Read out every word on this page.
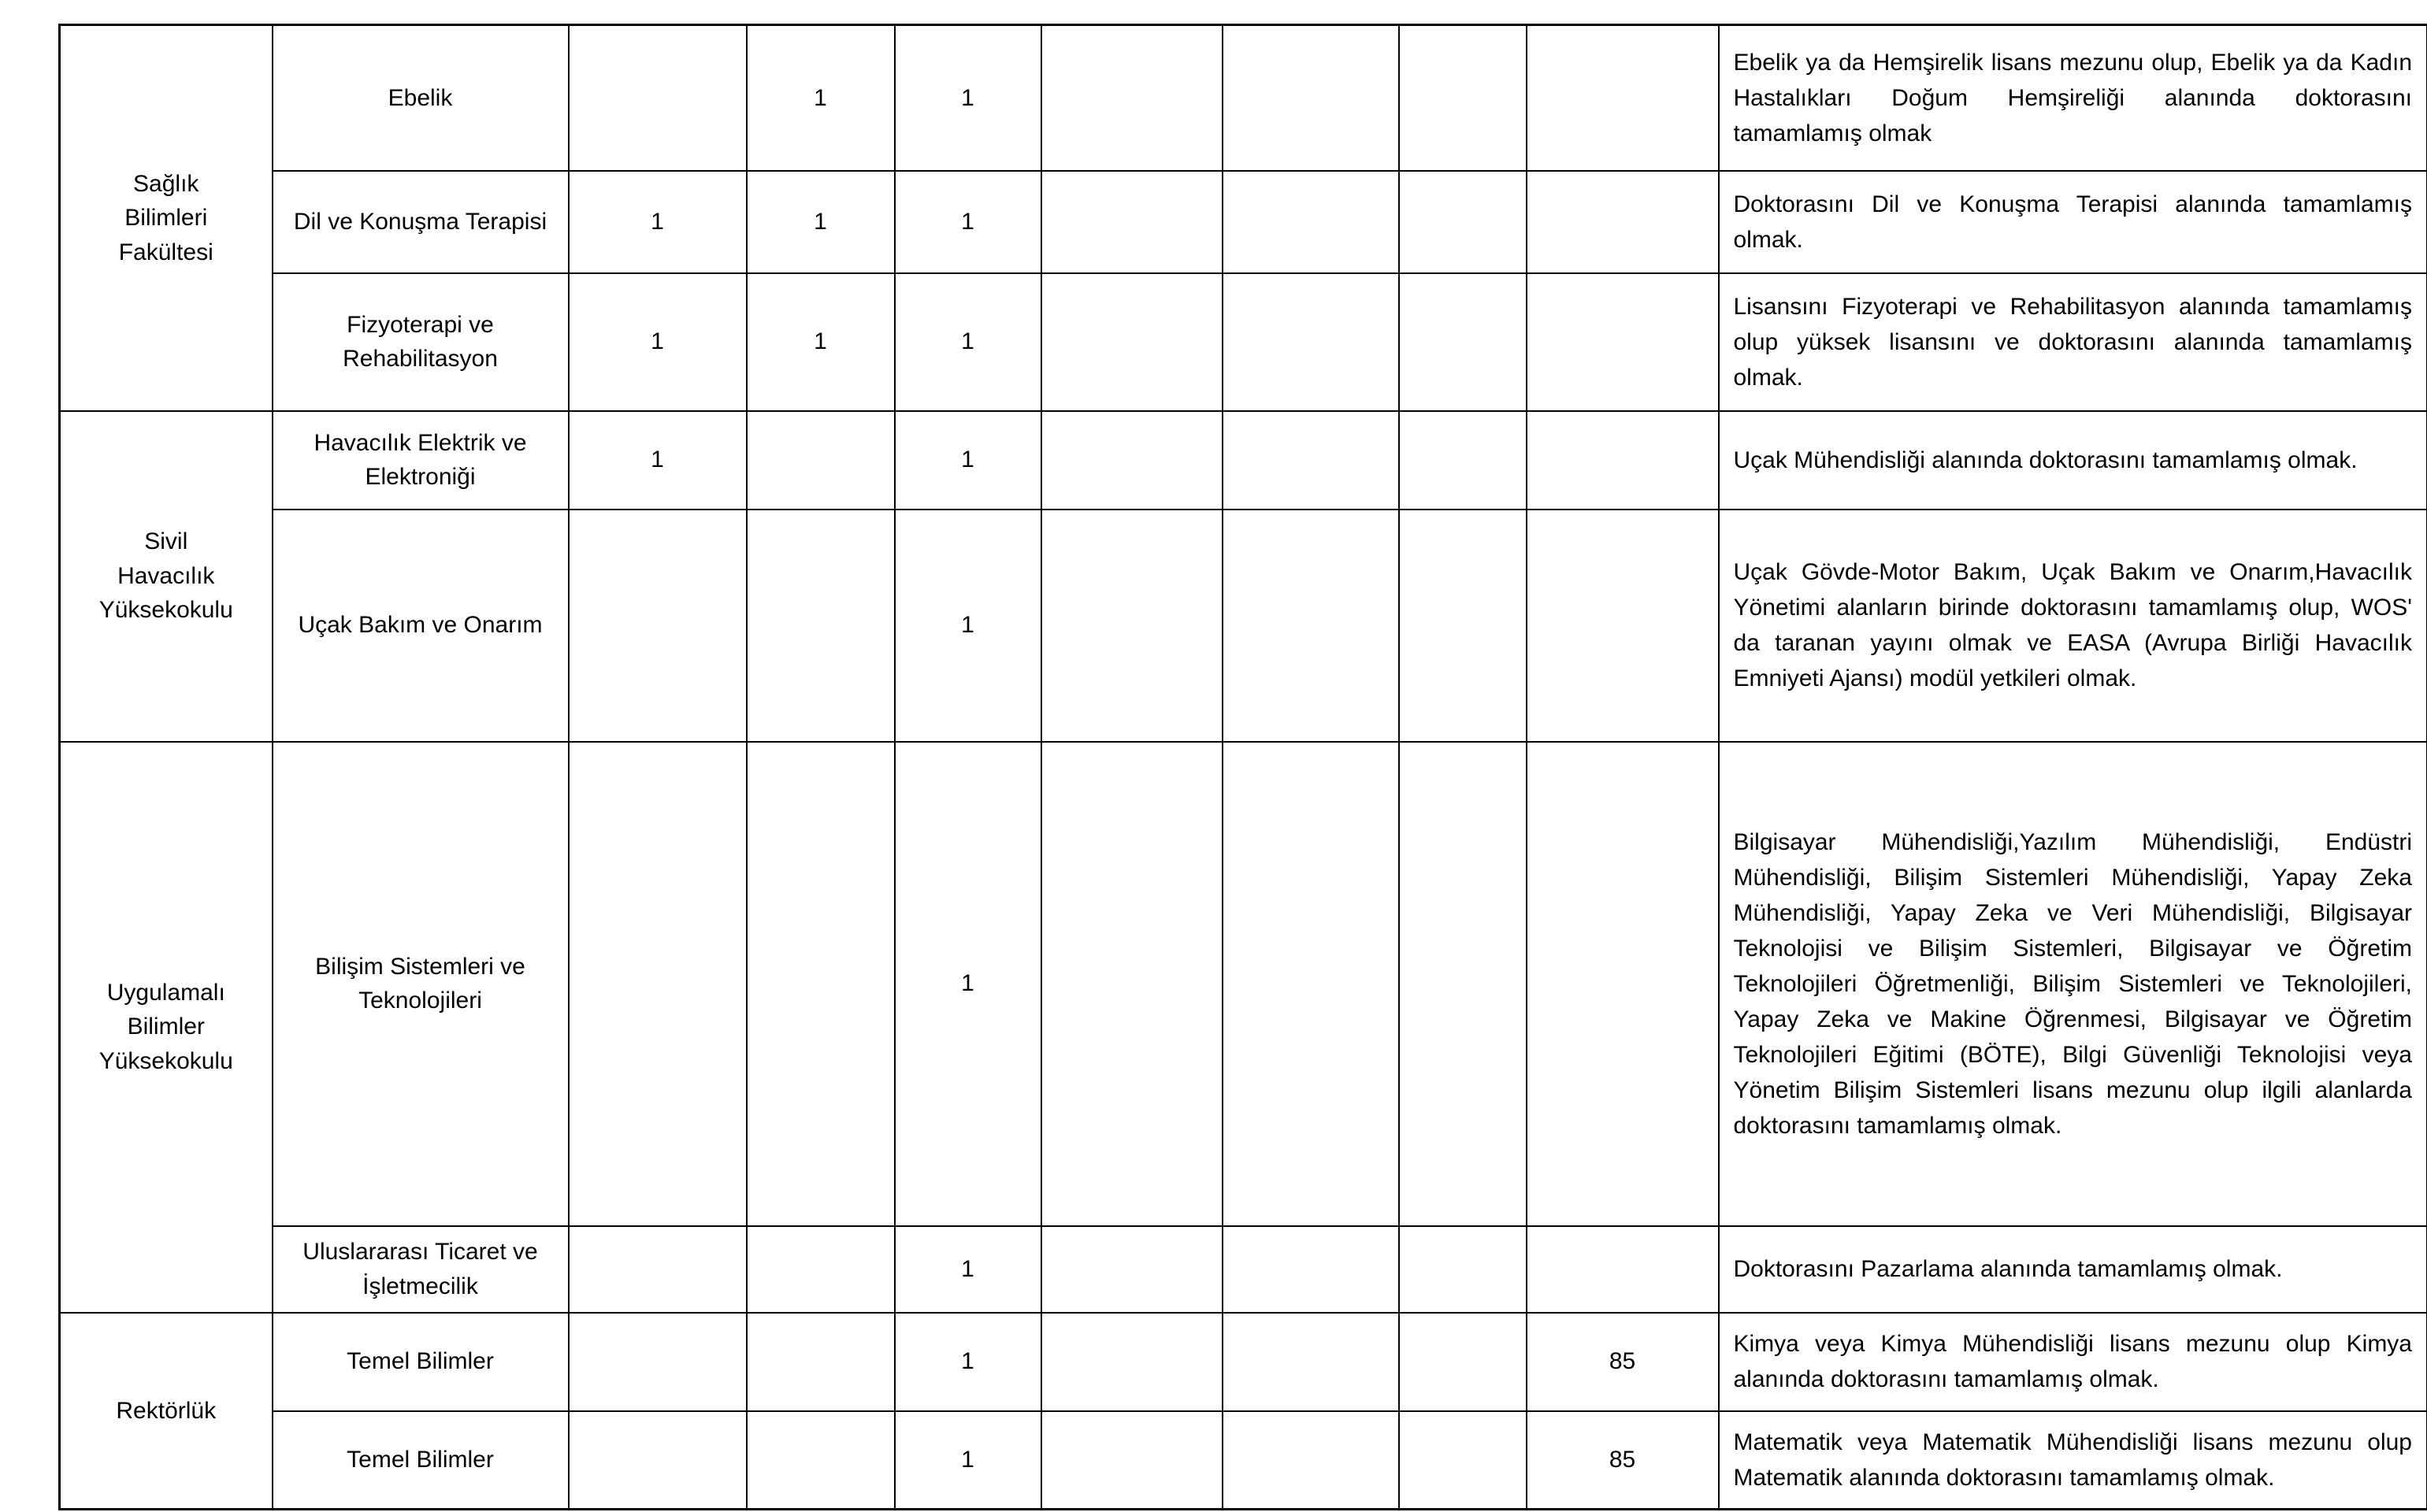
Sağlık Bilimleri Fakültesi	Ebelik		1	1					Ebelik ya da Hemşirelik lisans mezunu olup, Ebelik ya da Kadın Hastalıkları Doğum Hemşireliği alanında doktorasını tamamlamış olmak
	Dil ve Konuşma Terapisi	1	1	1					Doktorasını Dil ve Konuşma Terapisi alanında tamamlamış olmak.
	Fizyoterapi ve Rehabilitasyon	1	1	1					Lisansını Fizyoterapi ve Rehabilitasyon alanında tamamlamış olup yüksek lisansını ve doktorasını alanında tamamlamış olmak.
Sivil Havacılık Yüksekokulu	Havacılık Elektrik ve Elektroniği	1		1					Uçak Mühendisliği alanında doktorasını tamamlamış olmak.
	Uçak Bakım ve Onarım			1					Uçak Gövde-Motor Bakım, Uçak Bakım ve Onarım,Havacılık Yönetimi alanların birinde doktorasını tamamlamış olup, WOS' da taranan yayını olmak ve EASA (Avrupa Birliği Havacılık Emniyeti Ajansı) modül yetkileri olmak.
Uygulamalı Bilimler Yüksekokulu	Bilişim Sistemleri ve Teknolojileri			1					Bilgisayar Mühendisliği,Yazılım Mühendisliği, Endüstri Mühendisliği, Bilişim Sistemleri Mühendisliği, Yapay Zeka Mühendisliği, Yapay Zeka ve Veri Mühendisliği, Bilgisayar Teknolojisi ve Bilişim Sistemleri, Bilgisayar ve Öğretim Teknolojileri Öğretmenliği, Bilişim Sistemleri ve Teknolojileri, Yapay Zeka ve Makine Öğrenmesi, Bilgisayar ve Öğretim Teknolojileri Eğitimi (BÖTE), Bilgi Güvenliği Teknolojisi veya Yönetim Bilişim Sistemleri lisans mezunu olup ilgili alanlarda doktorasını tamamlamış olmak.
	Uluslararası Ticaret ve İşletmecilik			1					Doktorasını Pazarlama alanında tamamlamış olmak.
Rektörlük	Temel Bilimler			1				85	Kimya veya Kimya Mühendisliği lisans mezunu olup Kimya alanında doktorasını tamamlamış olmak.
	Temel Bilimler			1				85	Matematik veya Matematik Mühendisliği lisans mezunu olup Matematik alanında doktorasını tamamlamış olmak.
